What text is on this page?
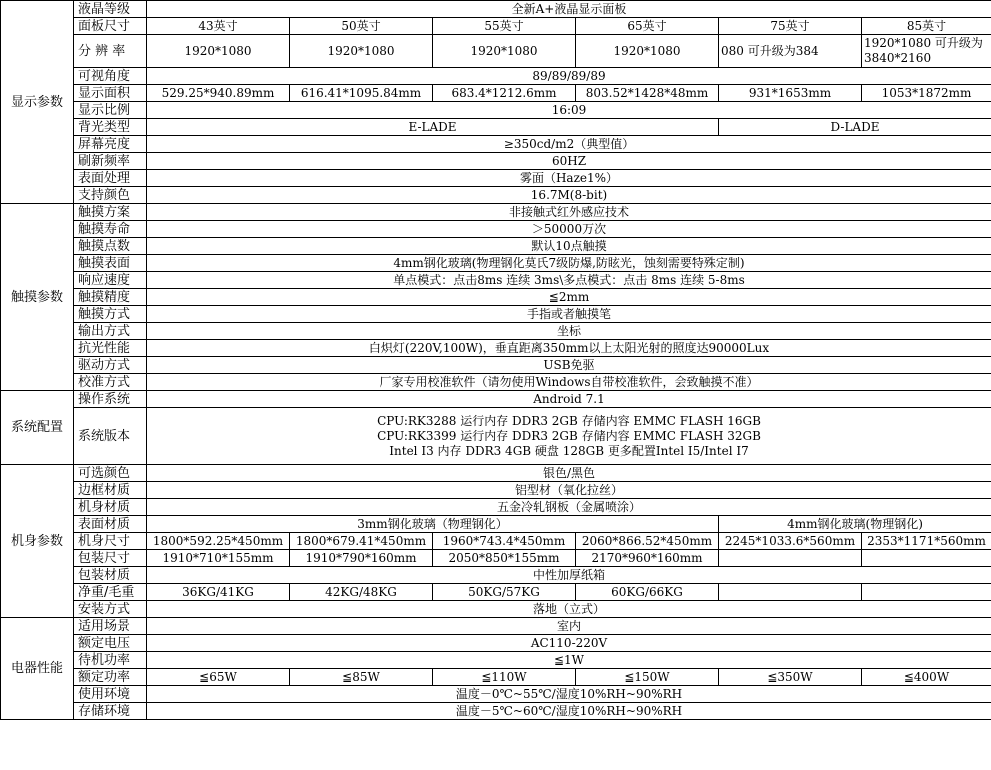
显示参数	液晶等级	全新A+液晶显示面板					
	面板尺寸	43英寸	50英寸	55英寸	65英寸	75英寸	85英寸
	分 辨 率	1920*1080	1920*1080	1920*1080	1920*1080	080 可升级为384	1920*1080 可升级为3840*2160
	可视角度	89/89/89/89					
	显示面积	529.25*940.89mm	616.41*1095.84mm	683.4*1212.6mm	803.52*1428*48mm	931*1653mm	1053*1872mm
	显示比例	16:09					
	背光类型	E-LADE				D-LADE	
	屏幕亮度	≥350cd/m2（典型值）					
	刷新频率	60HZ					
	表面处理	雾面（Haze1%）					
	支持颜色	16.7M(8-bit)					
触摸参数	触摸方案	非接触式红外感应技术					
	触摸寿命	＞50000万次					
	触摸点数	默认10点触摸					
	触摸表面	4mm钢化玻璃(物理钢化莫氏7级防爆,防眩光，蚀刻需要特殊定制)					
	响应速度	单点模式：点击8ms 连续 3ms\多点模式：点击 8ms 连续 5-8ms					
	触摸精度	≦2mm					
	触摸方式	手指或者触摸笔					
	输出方式	坐标					
	抗光性能	白炽灯(220V,100W)，垂直距离350mm以上太阳光射的照度达90000Lux					
	驱动方式	USB免驱					
	校准方式	厂家专用校准软件（请勿使用Windows自带校准软件，会致触摸不准）					
系统配置	操作系统	Android 7.1					
	系统版本	CPU:RK3288 运行内存 DDR3 2GB 存储内容 EMMC FLASH 16GB
CPU:RK3399 运行内存 DDR3 2GB 存储内容 EMMC FLASH 32GB
Intel I3 内存 DDR3 4GB 硬盘 128GB 更多配置Intel I5/Intel I7					

机身参数	可选颜色	银色/黑色					
	边框材质	铝型材（氧化拉丝）					
	机身材质	五金冷轧钢板（金属喷涂）					
	表面材质	3mm钢化玻璃（物理钢化）				4mm钢化玻璃(物理钢化)	
	机身尺寸	1800*592.25*450mm	1800*679.41*450mm	1960*743.4*450mm	2060*866.52*450mm	2245*1033.6*560mm	2353*1171*560mm
	包装尺寸	1910*710*155mm	1910*790*160mm	2050*850*155mm	2170*960*160mm		
	包装材质	中性加厚纸箱					
	净重/毛重	36KG/41KG	42KG/48KG	50KG/57KG	60KG/66KG		
	安装方式	落地（立式）					
电器性能	适用场景	室内					
	额定电压	AC110-220V					
	待机功率	≦1W					
	额定功率	≦65W	≦85W	≦110W	≦150W	≦350W	≦400W
	使用环境	温度－0℃~55℃/湿度10%RH~90%RH					
	存储环境	温度－5℃~60℃/湿度10%RH~90%RH					
